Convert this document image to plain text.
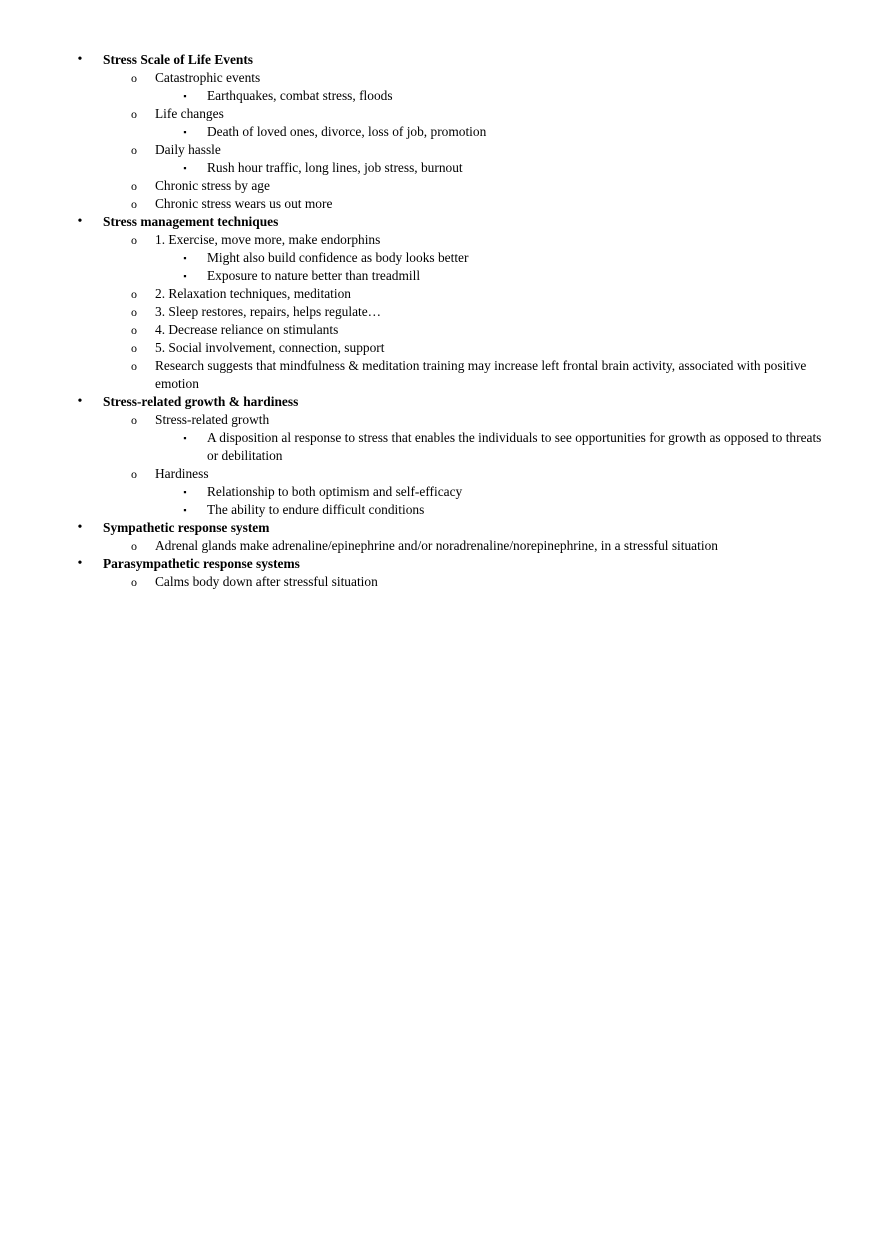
• Stress Scale of Life Events
o Catastrophic events
▪ Earthquakes, combat stress, floods
o Life changes
▪ Death of loved ones, divorce, loss of job, promotion
o Daily hassle
▪ Rush hour traffic, long lines, job stress, burnout
o Chronic stress by age
o Chronic stress wears us out more
• Stress management techniques
o 1. Exercise, move more, make endorphins
▪ Might also build confidence as body looks better
▪ Exposure to nature better than treadmill
o 2. Relaxation techniques, meditation
o 3. Sleep restores, repairs, helps regulate…
o 4. Decrease reliance on stimulants
o 5. Social involvement, connection, support
o Research suggests that mindfulness & meditation training may increase left frontal brain activity, associated with positive emotion
• Stress-related growth & hardiness
o Stress-related growth
▪ A disposition al response to stress that enables the individuals to see opportunities for growth as opposed to threats or debilitation
o Hardiness
▪ Relationship to both optimism and self-efficacy
▪ The ability to endure difficult conditions
• Sympathetic response system
o Adrenal glands make adrenaline/epinephrine and/or noradrenaline/norepinephrine, in a stressful situation
• Parasympathetic response systems
o Calms body down after stressful situation
